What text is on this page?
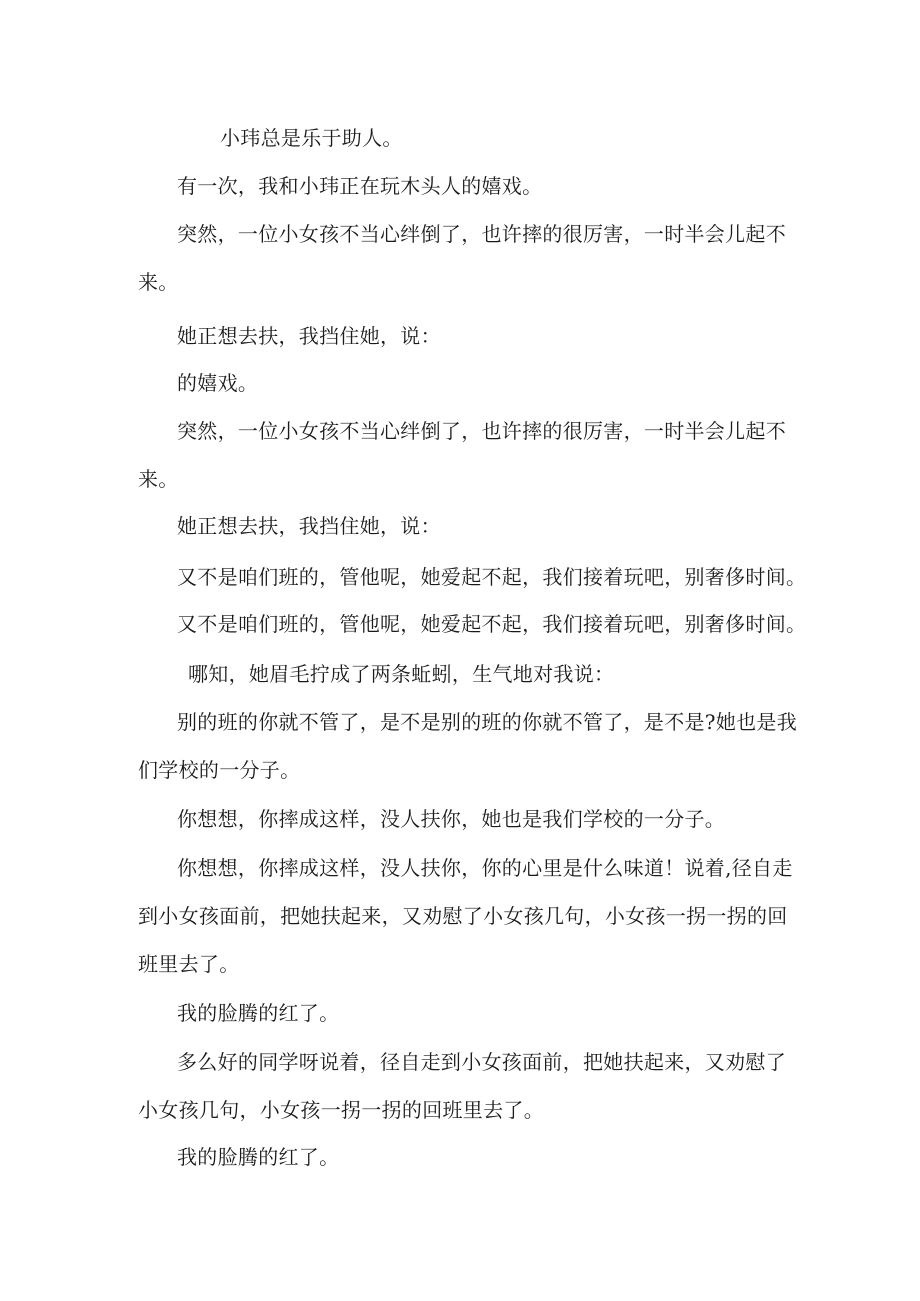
小玮总是乐于助人。
有一次，我和小玮正在玩木头人的嬉戏。
突然，一位小女孩不当心绊倒了，也许摔的很厉害，一时半会儿起不
来。
她正想去扶，我挡住她，说：
的嬉戏。
突然，一位小女孩不当心绊倒了，也许摔的很厉害，一时半会儿起不
来。
她正想去扶，我挡住她，说：
又不是咱们班的，管他呢，她爱起不起，我们接着玩吧，别奢侈时间。
又不是咱们班的，管他呢，她爱起不起，我们接着玩吧，别奢侈时间。
哪知，她眉毛拧成了两条蚯蚓，生气地对我说：
别的班的你就不管了，是不是别的班的你就不管了，是不是?她也是我
们学校的一分子。
你想想，你摔成这样，没人扶你，她也是我们学校的一分子。
你想想，你摔成这样，没人扶你，你的心里是什么味道！说着,径自走
到小女孩面前，把她扶起来，又劝慰了小女孩几句，小女孩一拐一拐的回
班里去了。
我的脸腾的红了。
多么好的同学呀说着，径自走到小女孩面前，把她扶起来，又劝慰了
小女孩几句，小女孩一拐一拐的回班里去了。
我的脸腾的红了。
